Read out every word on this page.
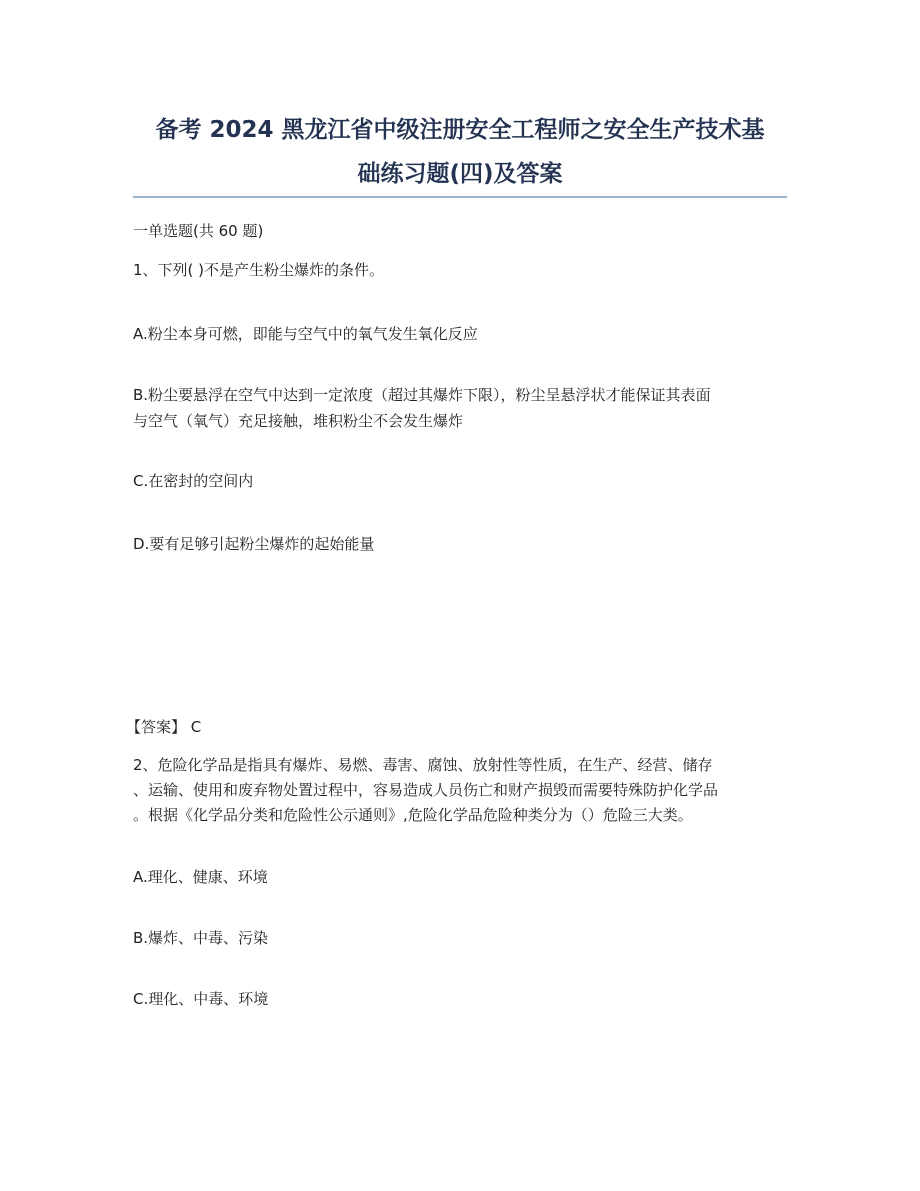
备考 2024 黑龙江省中级注册安全工程师之安全生产技术基
础练习题(四)及答案
一单选题(共 60 题)
1、下列( )不是产生粉尘爆炸的条件。
A.粉尘本身可燃，即能与空气中的氧气发生氧化反应
B.粉尘要悬浮在空气中达到一定浓度（超过其爆炸下限），粉尘呈悬浮状才能保证其表面
与空气（氧气）充足接触，堆积粉尘不会发生爆炸
C.在密封的空间内
D.要有足够引起粉尘爆炸的起始能量
【答案】 C
2、危险化学品是指具有爆炸、易燃、毒害、腐蚀、放射性等性质，在生产、经营、储存
、运输、使用和废弃物处置过程中，容易造成人员伤亡和财产损毁而需要特殊防护化学品
。根据《化学品分类和危险性公示通则》,危险化学品危险种类分为（）危险三大类。
A.理化、健康、环境
B.爆炸、中毒、污染
C.理化、中毒、环境
